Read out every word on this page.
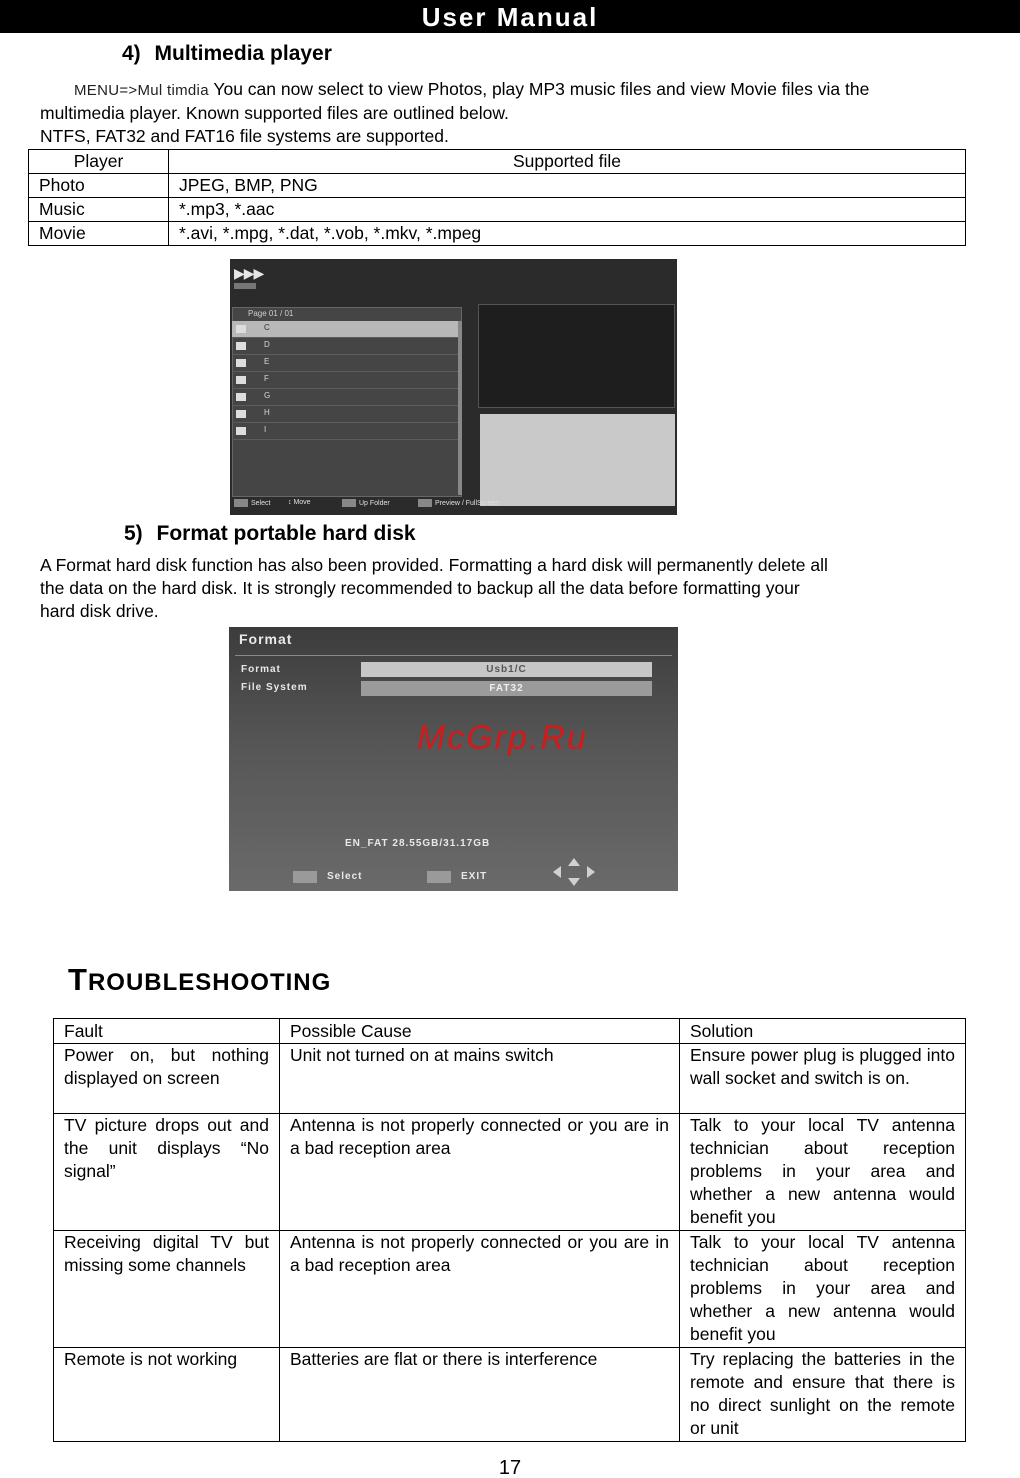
User Manual
4) Multimedia player
MENU=>Mul timdia You can now select to view Photos, play MP3 music files and view Movie files via the
multimedia player. Known supported files are outlined below.
NTFS, FAT32 and FAT16 file systems are supported.
Player	Supported file
Photo	JPEG, BMP, PNG
Music	*.mp3, *.aac
Movie	*.avi, *.mpg, *.dat, *.vob, *.mkv, *.mpeg
▶▶▶
Page 01 / 01
C
D
E
F
G
H
I
Select	↕ Move	Up Folder	Preview / FullScreen
5) Format portable hard disk
A Format hard disk function has also been provided. Formatting a hard disk will permanently delete all
the data on the hard disk. It is strongly recommended to backup all the data before formatting your
hard disk drive.
Format
Format	Usb1/C
File System	FAT32
McGrp.Ru
EN_FAT 28.55GB/31.17GB
Select	EXIT
TROUBLESHOOTING
Fault	Possible Cause	Solution
Power on, but nothing displayed on screen	Unit not turned on at mains switch	Ensure power plug is plugged into wall socket and switch is on.
TV picture drops out and the unit displays “No signal”	Antenna is not properly connected or you are in a bad reception area	Talk to your local TV antenna technician about reception problems in your area and whether a new antenna would benefit you
Receiving digital TV but missing some channels	Antenna is not properly connected or you are in a bad reception area	Talk to your local TV antenna technician about reception problems in your area and whether a new antenna would benefit you
Remote is not working	Batteries are flat or there is interference	Try replacing the batteries in the remote and ensure that there is no direct sunlight on the remote or unit
17
